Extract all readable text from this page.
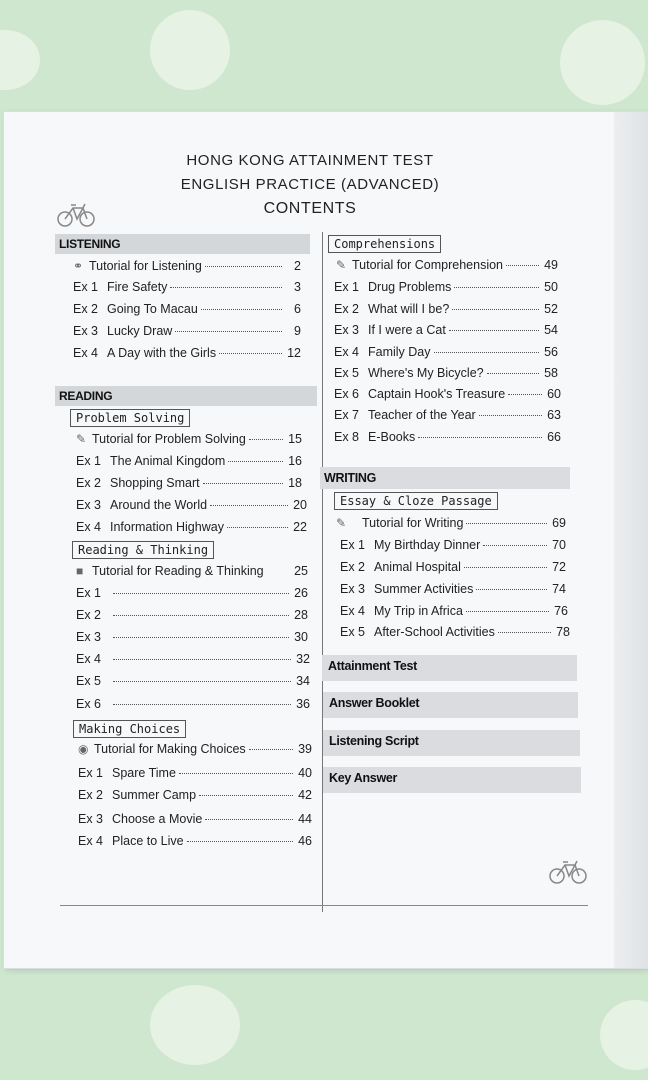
HONG KONG ATTAINMENT TEST
ENGLISH PRACTICE (ADVANCED)
CONTENTS
LISTENING
⚭ Tutorial for Listening	2
Ex 1 Fire Safety	3
Ex 2 Going To Macau	6
Ex 3 Lucky Draw	9
Ex 4 A Day with the Girls	12
READING
Problem Solving
✎ Tutorial for Problem Solving	15
Ex 1 The Animal Kingdom	16
Ex 2 Shopping Smart	18
Ex 3 Around the World	20
Ex 4 Information Highway	22
Reading & Thinking
■ Tutorial for Reading & Thinking 25
Ex 1	26
Ex 2	28
Ex 3	30
Ex 4	32
Ex 5	34
Ex 6	36
Making Choices
◉ Tutorial for Making Choices	39
Ex 1 Spare Time	40
Ex 2 Summer Camp	42
Ex 3 Choose a Movie	44
Ex 4 Place to Live	46
Comprehensions
✎ Tutorial for Comprehension	49
Ex 1 Drug Problems	50
Ex 2 What will I be?	52
Ex 3 If I were a Cat	54
Ex 4 Family Day	56
Ex 5 Where's My Bicycle?	58
Ex 6 Captain Hook's Treasure	60
Ex 7 Teacher of the Year	63
Ex 8 E-Books	66
WRITING
Essay & Cloze Passage
✎	Tutorial for Writing	69
Ex 1 My Birthday Dinner	70
Ex 2 Animal Hospital	72
Ex 3 Summer Activities	74
Ex 4 My Trip in Africa	76
Ex 5 After-School Activities	78
Attainment Test
Answer Booklet
Listening Script
Key Answer
